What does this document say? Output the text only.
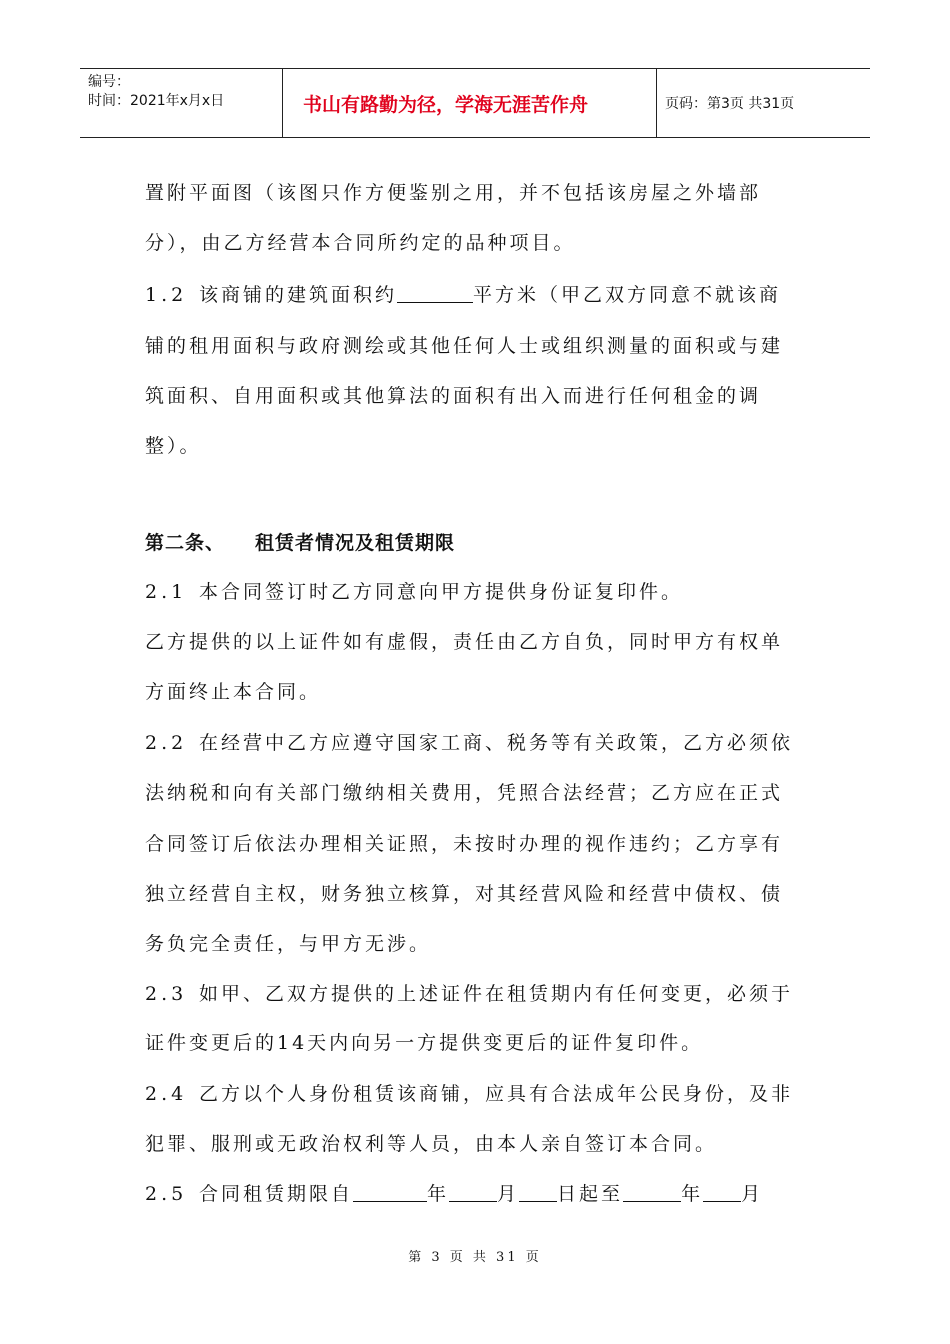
编号：
时间：2021年x月x日	书山有路勤为径，学海无涯苦作舟	页码：第3页 共31页
置附平面图（该图只作方便鉴别之用，并不包括该房屋之外墙部
分），由乙方经营本合同所约定的品种项目。
1.2 该商铺的建筑面积约	平方米（甲乙双方同意不就该商
铺的租用面积与政府测绘或其他任何人士或组织测量的面积或与建
筑面积、自用面积或其他算法的面积有出入而进行任何租金的调
整）。
第二条、 租赁者情况及租赁期限
2.1 本合同签订时乙方同意向甲方提供身份证复印件。
乙方提供的以上证件如有虚假，责任由乙方自负，同时甲方有权单
方面终止本合同。
2.2 在经营中乙方应遵守国家工商、税务等有关政策，乙方必须依
法纳税和向有关部门缴纳相关费用，凭照合法经营；乙方应在正式
合同签订后依法办理相关证照，未按时办理的视作违约；乙方享有
独立经营自主权，财务独立核算，对其经营风险和经营中债权、债
务负完全责任，与甲方无涉。
2.3 如甲、乙双方提供的上述证件在租赁期内有任何变更，必须于
证件变更后的14天内向另一方提供变更后的证件复印件。
2.4 乙方以个人身份租赁该商铺，应具有合法成年公民身份，及非
犯罪、服刑或无政治权利等人员，由本人亲自签订本合同。
2.5 合同租赁期限自	年	月 日起至	年 月
第 3 页 共 31 页
